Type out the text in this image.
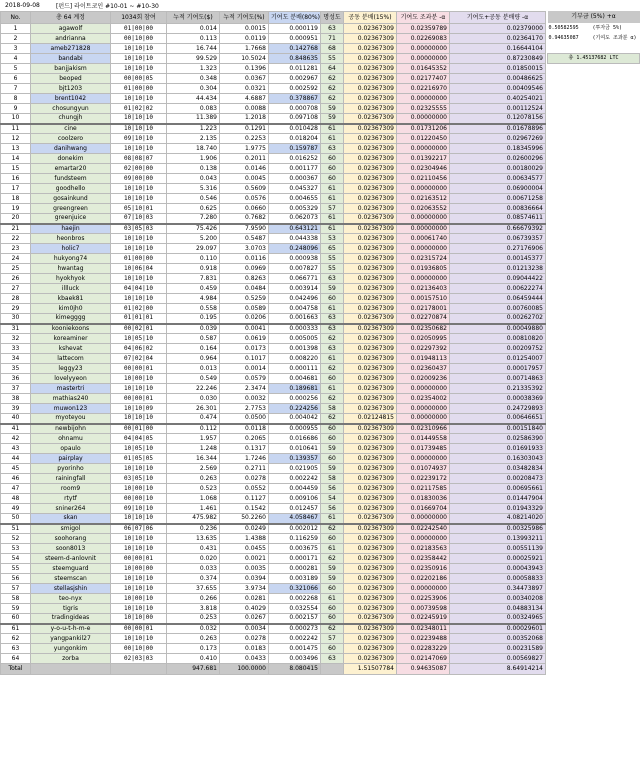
2018-09-08	[펀드] 라이트코인 #10-01 ~ #10-30
No.	총 64 계정	1034회 참여	누적 기여도($)	누적 기여도(%)	기여도 분배(80%)	명성도	공동 분배(15%)	기여도 조과분 -α	기여도+공동 분배량 -α
1	agawolf	01|00|00	0.014	0.0015	0.000119	63	0.02367309	0.02359789	0.02379000
2	andrianna	00|10|00	0.113	0.0119	0.000951	71	0.02367309	0.02269083	0.02364170
3	ameb271828	10|10|10	16.744	1.7668	0.142768	68	0.02367309	0.00000000	0.16644104
4	bandabi	10|10|10	99.529	10.5024	0.848635	55	0.02367309	0.00000000	0.87230849
5	banjjakism	10|10|10	1.323	0.1396	0.011281	64	0.02367309	0.01645352	0.01850015
6	beoped	00|00|05	0.348	0.0367	0.002967	62	0.02367309	0.02177407	0.00486625
7	bjt1203	01|00|00	0.304	0.0321	0.002592	62	0.02367309	0.02216970	0.00409546
8	brent1042	10|10|10	44.434	4.6887	0.378867	62	0.02367309	0.00000000	0.40254021
9	chosungyun	01|02|02	0.083	0.0088	0.000708	59	0.02367309	0.02325555	0.00112524
10	chungjh	10|10|10	11.389	1.2018	0.097108	59	0.02367309	0.00000000	0.12078156
11	cine	10|10|10	1.223	0.1291	0.010428	61	0.02367309	0.01731206	0.01678896
12	coolzero	09|10|10	2.135	0.2253	0.018204	61	0.02367309	0.01220450	0.02967269
13	danihwang	10|10|10	18.740	1.9775	0.159787	63	0.02367309	0.00000000	0.18345996
14	donekim	08|08|07	1.906	0.2011	0.016252	60	0.02367309	0.01392217	0.02600296
15	emartar20	02|00|00	0.138	0.0146	0.001177	60	0.02367309	0.02304946	0.00180029
16	fundsteem	09|00|00	0.043	0.0045	0.000367	60	0.02367309	0.02110456	0.00634577
17	goodhello	10|10|10	5.316	0.5609	0.045327	61	0.02367309	0.00000000	0.06900004
18	gosainkund	10|10|10	0.546	0.0576	0.004655	61	0.02367309	0.02163512	0.00671258
19	greengreen	05|10|01	0.625	0.0660	0.005329	57	0.02367309	0.02063552	0.00836664
20	greenjuice	07|10|03	7.280	0.7682	0.062073	61	0.02367309	0.00000000	0.08574611
21	haejin	03|05|03	75.426	7.9590	0.643121	61	0.02367309	0.00000000	0.66679392
22	heonbros	10|10|10	5.200	0.5487	0.044338	53	0.02367309	0.00061740	0.06739357
23	holic7	10|10|10	29.097	3.0703	0.248096	65	0.02367309	0.00000000	0.27176906
24	hukyong74	01|00|00	0.110	0.0116	0.000938	55	0.02367309	0.02315724	0.00145377
25	hwantag	10|06|04	0.918	0.0969	0.007827	55	0.02367309	0.01936805	0.01213238
26	hyokhyok	10|10|10	7.831	0.8263	0.066771	63	0.02367309	0.00000000	0.09044422
27	illluck	04|04|10	0.459	0.0484	0.003914	59	0.02367309	0.02136403	0.00622274
28	kbaek81	10|10|10	4.984	0.5259	0.042496	60	0.02367309	0.00157510	0.06459444
29	kim0jh0	01|02|00	0.558	0.0589	0.004758	61	0.02367309	0.02178001	0.00760085
30	kimegggg	01|01|01	0.195	0.0206	0.001663	63	0.02367309	0.02270874	0.00262702
31	kooniekoons	00|02|01	0.039	0.0041	0.000333	63	0.02367309	0.02350682	0.00049880
32	koreaminer	10|05|10	0.587	0.0619	0.005005	62	0.02367309	0.02050995	0.00810820
33	kshevat	04|06|02	0.164	0.0173	0.001398	63	0.02367309	0.02297392	0.00209752
34	lattecom	07|02|04	0.964	0.1017	0.008220	61	0.02367309	0.01948113	0.01254007
35	leggy23	00|00|01	0.013	0.0014	0.000111	62	0.02367309	0.02360437	0.00017957
36	lovelyyeon	10|00|10	0.549	0.0579	0.004681	60	0.02367309	0.02009236	0.00714863
37	mastertri	10|10|10	22.246	2.3474	0.189681	61	0.02367309	0.00000000	0.21335392
38	mathias240	00|00|01	0.030	0.0032	0.000256	62	0.02367309	0.02354002	0.00038369
39	muwon123	10|10|09	26.301	2.7753	0.224256	58	0.02367309	0.00000000	0.24729893
40	myoteyou	10|10|10	0.474	0.0500	0.004042	62	0.02124815	0.00000000	0.00646651
41	newbijohn	00|01|00	0.112	0.0118	0.000955	60	0.02367309	0.02310966	0.00151840
42	ohnamu	04|04|05	1.957	0.2065	0.016686	60	0.02367309	0.01449558	0.02586390
43	opaulo	10|05|10	1.248	0.1317	0.010641	59	0.02367309	0.01739485	0.01691933
44	pairplay	01|05|05	16.344	1.7246	0.139357	60	0.02367309	0.00000000	0.16303043
45	pyorinho	10|10|10	2.569	0.2711	0.021905	59	0.02367309	0.01074937	0.03482834
46	rainingfall	03|05|10	0.263	0.0278	0.002242	58	0.02367309	0.02239172	0.00208473
47	room9	10|00|10	0.523	0.0552	0.004459	56	0.02367309	0.02117585	0.00695661
48	rtytf	00|00|10	1.068	0.1127	0.009106	54	0.02367309	0.01830036	0.01447904
49	sniner264	09|10|10	1.461	0.1542	0.012457	56	0.02367309	0.01669704	0.01943329
50	skan	10|10|10	475.982	50.2260	4.058467	61	0.02367309	0.00000000	4.08214020
51	smigol	06|07|06	0.236	0.0249	0.002012	62	0.02367309	0.02242540	0.00325986
52	soohorang	10|10|10	13.635	1.4388	0.116259	60	0.02367309	0.00000000	0.13993211
53	soon8013	10|10|10	0.431	0.0455	0.003675	61	0.02367309	0.02183563	0.00551139
54	steem-d-anlovnit	00|00|01	0.020	0.0021	0.000171	62	0.02367309	0.02358442	0.00025921
55	steemguard	10|00|00	0.033	0.0035	0.000281	59	0.02367309	0.02350916	0.00043943
56	steemscan	10|10|10	0.374	0.0394	0.003189	59	0.02367309	0.02202186	0.00058833
57	stellasjshin	10|10|10	37.655	3.9734	0.321066	60	0.02367309	0.00000000	0.34473897
58	teo-nyx	10|00|10	0.266	0.0281	0.002268	61	0.02367309	0.02253906	0.00340208
59	tigris	10|10|10	3.818	0.4029	0.032554	60	0.02367309	0.00739598	0.04883134
60	tradingideas	10|10|00	0.253	0.0267	0.002157	60	0.02367309	0.02245919	0.00324965
61	y-o-u-t-h-m-e	00|00|01	0.032	0.0034	0.000273	62	0.02367309	0.02348011	0.00029601
62	yangpankil27	10|10|10	0.263	0.0278	0.002242	57	0.02367309	0.02239488	0.00352068
63	yungonkim	00|10|00	0.173	0.0183	0.001475	60	0.02367309	0.02283229	0.00231589
64	zorba	02|03|03	0.410	0.0433	0.003496	63	0.02367309	0.02147069	0.00569827
Total			947.681	100.0000	8.080415		1.51507784	0.94635087	8.64914214
기부금 (5%) +α
0.50582595	(투자금 5%)
0.94635087	(기여도 조과분 α)

총 1.45137682 LTC
